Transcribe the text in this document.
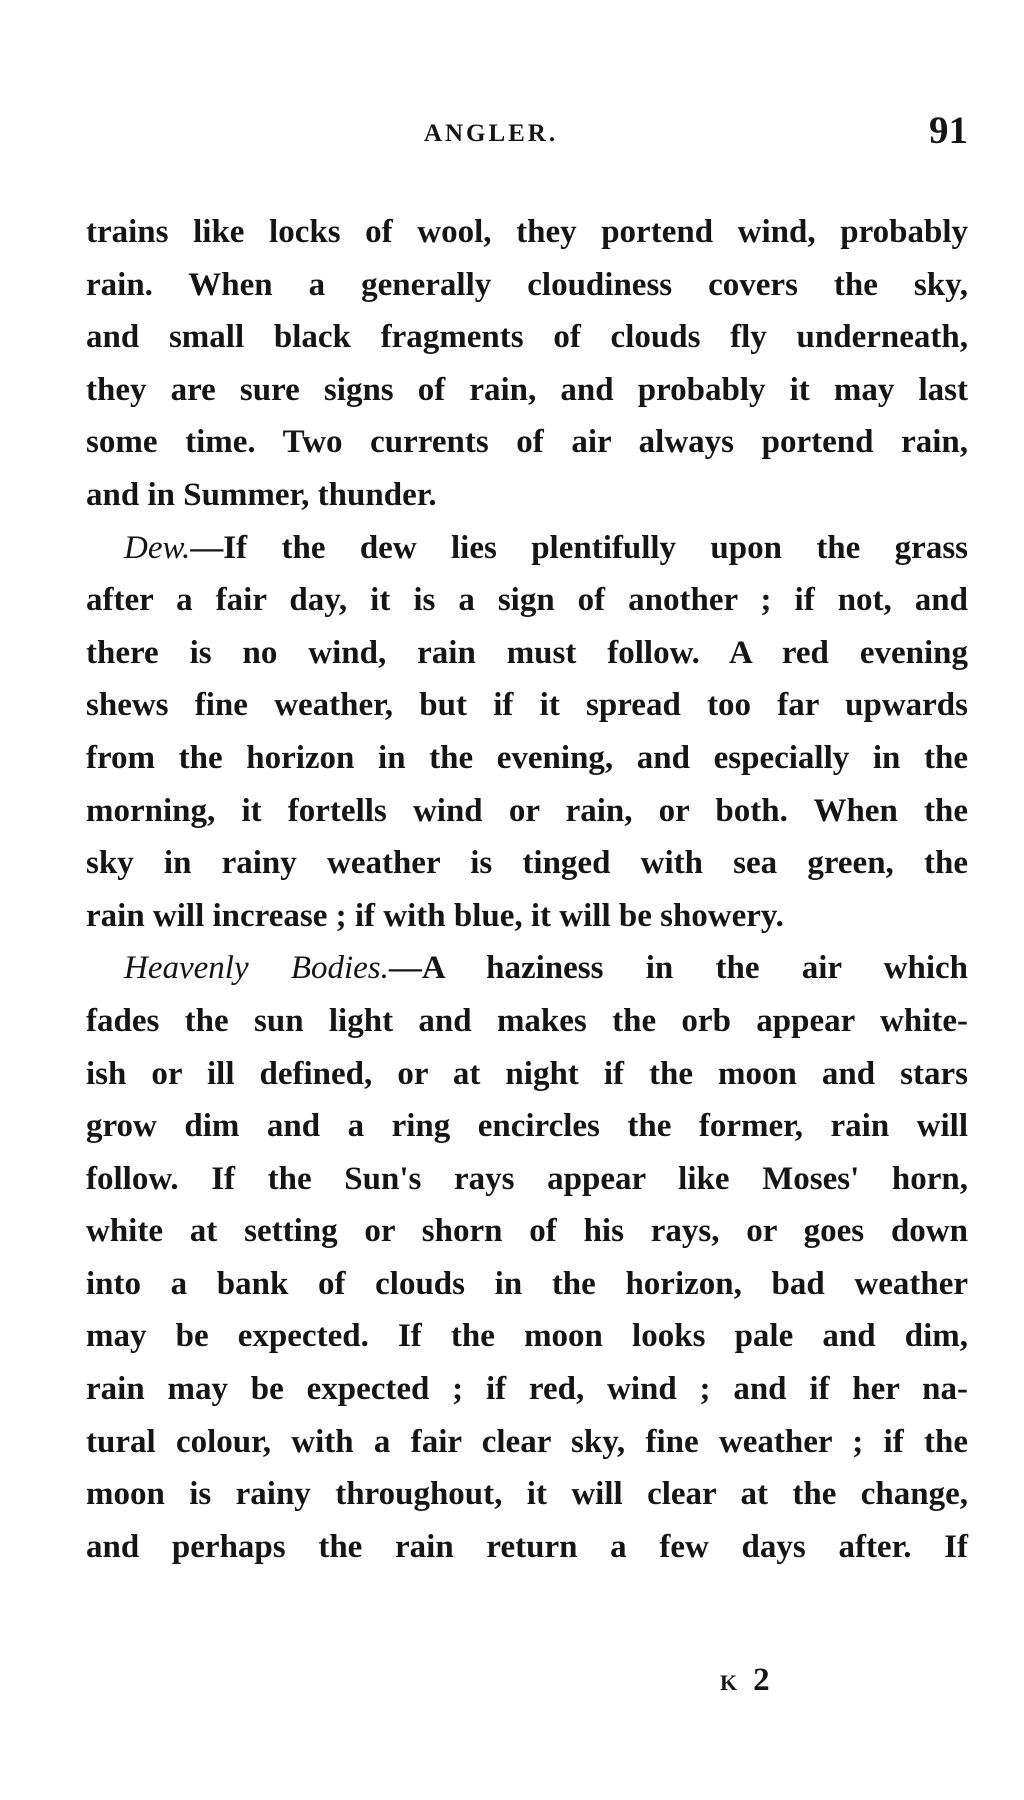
ANGLER.	91
trains like locks of wool, they portend wind, probably
rain. When a generally cloudiness covers the sky,
and small black fragments of clouds fly underneath,
they are sure signs of rain, and probably it may last
some time. Two currents of air always portend rain,
and in Summer, thunder.
Dew.—If the dew lies plentifully upon the grass
after a fair day, it is a sign of another ; if not, and
there is no wind, rain must follow. A red evening
shews fine weather, but if it spread too far upwards
from the horizon in the evening, and especially in the
morning, it fortells wind or rain, or both. When the
sky in rainy weather is tinged with sea green, the
rain will increase ; if with blue, it will be showery.
Heavenly Bodies.—A haziness in the air which
fades the sun light and makes the orb appear white-
ish or ill defined, or at night if the moon and stars
grow dim and a ring encircles the former, rain will
follow. If the Sun's rays appear like Moses' horn,
white at setting or shorn of his rays, or goes down
into a bank of clouds in the horizon, bad weather
may be expected. If the moon looks pale and dim,
rain may be expected ; if red, wind ; and if her na-
tural colour, with a fair clear sky, fine weather ; if the
moon is rainy throughout, it will clear at the change,
and perhaps the rain return a few days after. If
K 2
